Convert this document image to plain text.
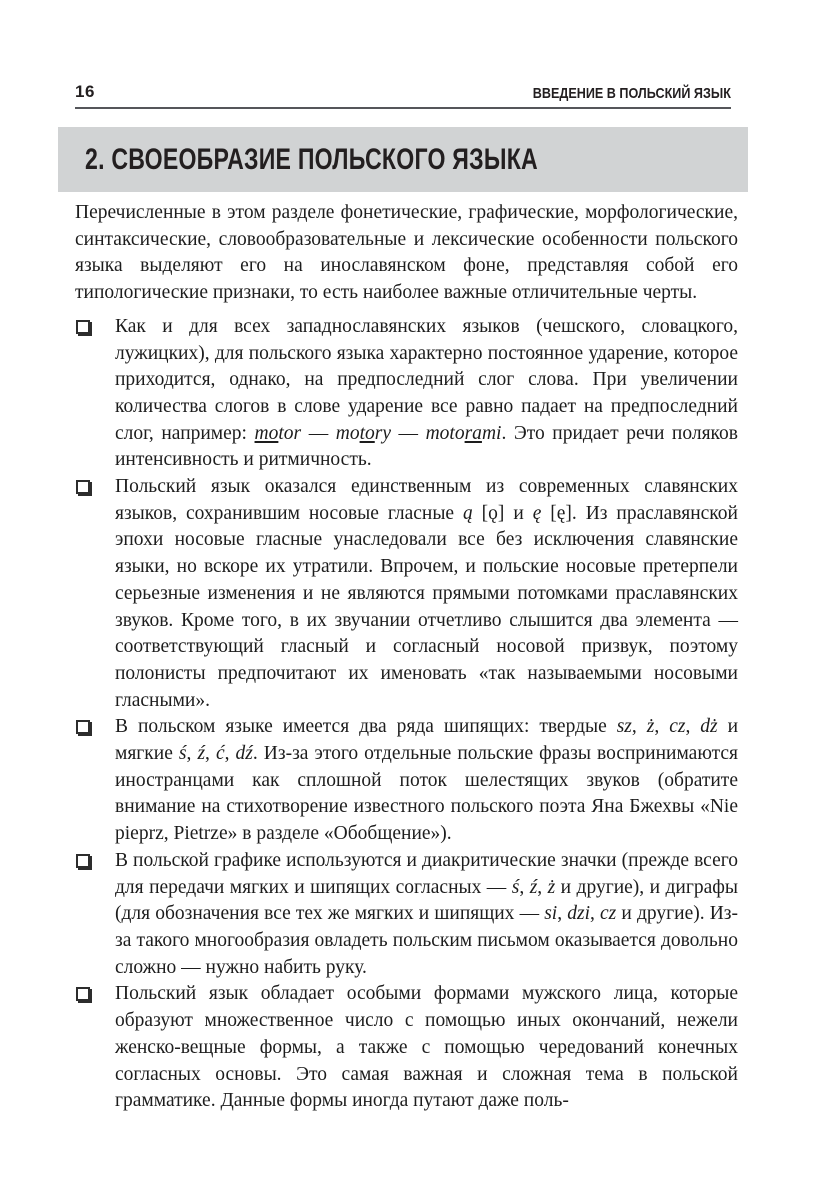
16	ВВЕДЕНИЕ В ПОЛЬСКИЙ ЯЗЫК
2. СВОЕОБРАЗИЕ ПОЛЬСКОГО ЯЗЫКА

Перечисленные в этом разделе фонетические, графические, морфологические, синтаксические, словообразовательные и лексические особенности польского языка выделяют его на инославянском фоне, представляя собой его типологические признаки, то есть наиболее важные отличительные черты.

Как и для всех западнославянских языков (чешского, словацкого, лужицких), для польского языка характерно постоянное ударение, которое приходится, однако, на предпоследний слог слова. При увеличении количества слогов в слове ударение все равно падает на предпоследний слог, например: motor — motory — motorami. Это придает речи поляков интенсивность и ритмичность.
Польский язык оказался единственным из современных славянских языков, сохранившим носовые гласные ą [ǫ] и ę [ę]. Из праславянской эпохи носовые гласные унаследовали все без исключения славянские языки, но вскоре их утратили. Впрочем, и польские носовые претерпели серьезные изменения и не являются прямыми потомками праславянских звуков. Кроме того, в их звучании отчетливо слышится два элемента — соответствующий гласный и согласный носовой призвук, поэтому полонисты предпочитают их именовать «так называемыми носовыми гласными».
В польском языке имеется два ряда шипящих: твердые sz, ż, cz, dż и мягкие ś, ź, ć, dź. Из-за этого отдельные польские фразы воспринимаются иностранцами как сплошной поток шелестящих звуков (обратите внимание на стихотворение известного польского поэта Яна Бжехвы «Nie pieprz, Pietrze» в разделе «Обобщение»).
В польской графике используются и диакритические значки (прежде всего для передачи мягких и шипящих согласных — ś, ź, ż и другие), и диграфы (для обозначения все тех же мягких и шипящих — si, dzi, cz и другие). Из-за такого многообразия овладеть польским письмом оказывается довольно сложно — нужно набить руку.
Польский язык обладает особыми формами мужского лица, которые образуют множественное число с помощью иных окончаний, нежели женско-вещные формы, а также с помощью чередований конечных согласных основы. Это самая важная и сложная тема в польской грамматике. Данные формы иногда путают даже поль-
